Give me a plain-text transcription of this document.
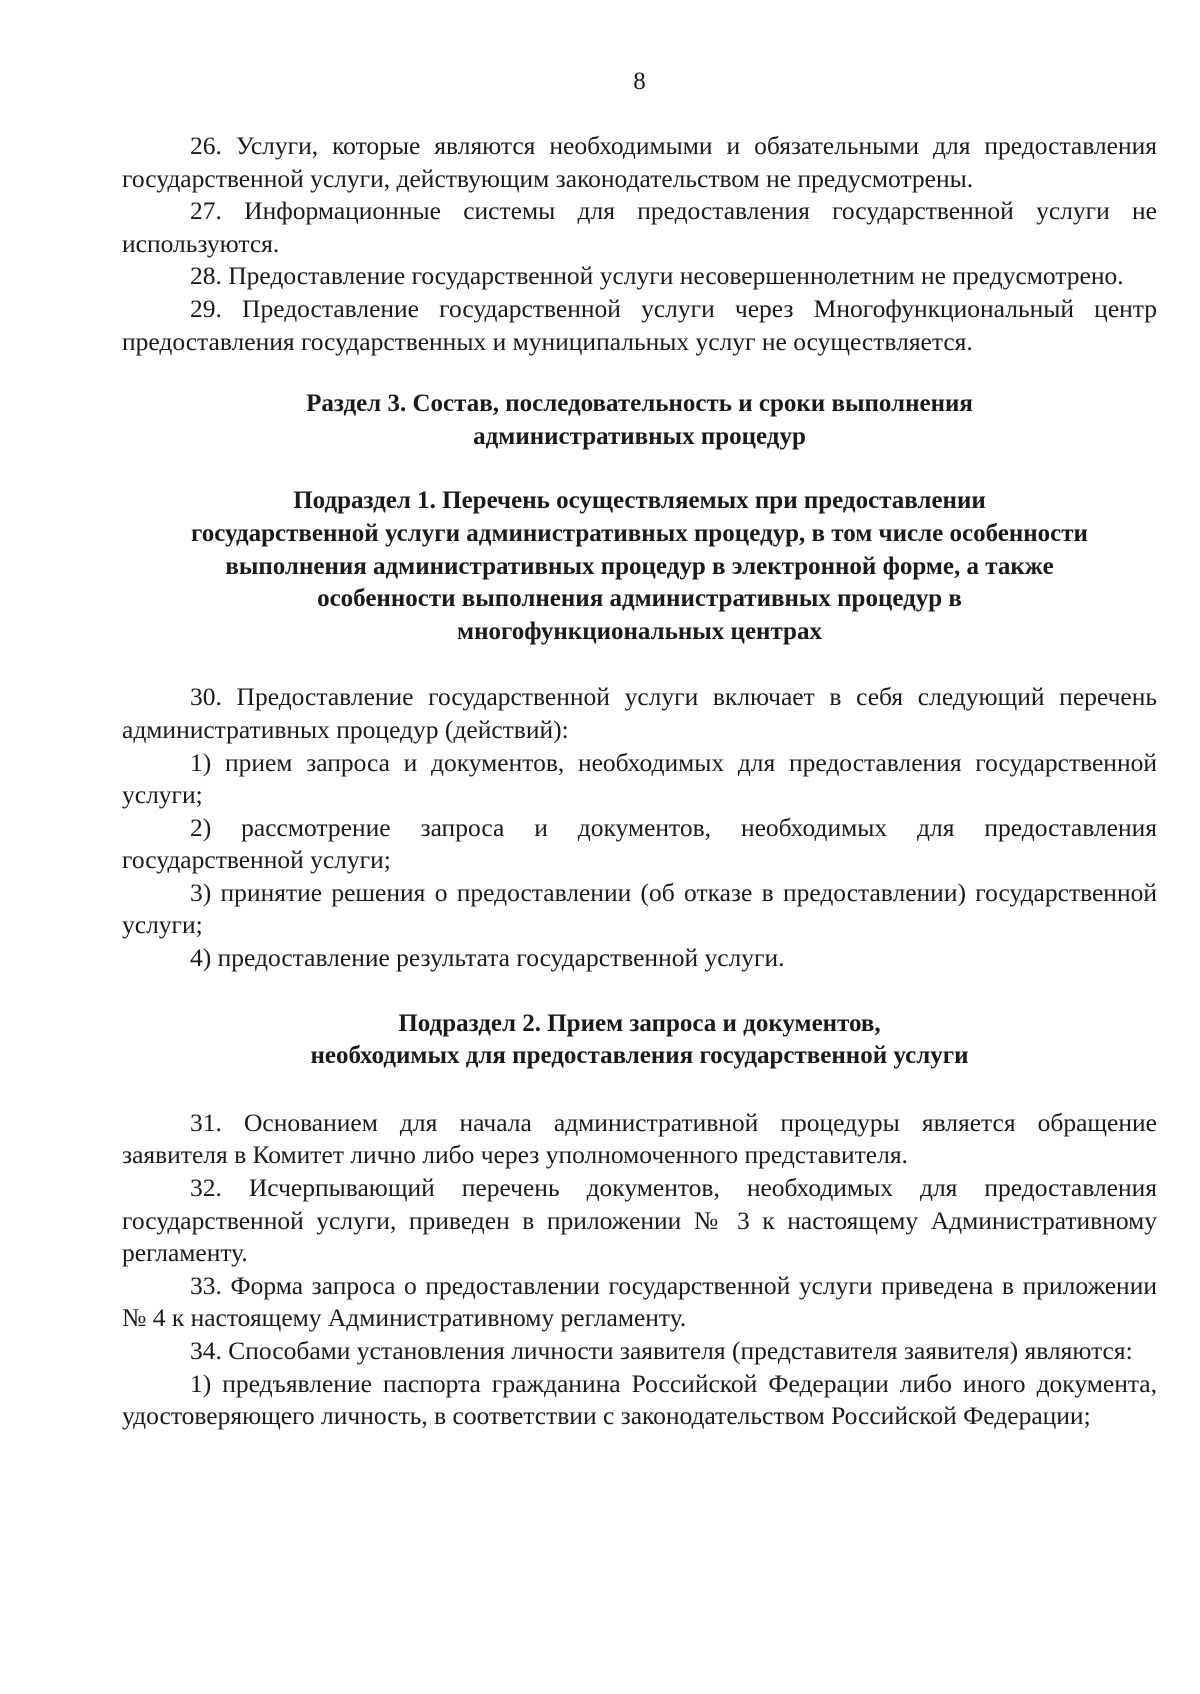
8

26. Услуги, которые являются необходимыми и обязательными для предоставления государственной услуги, действующим законодательством не предусмотрены.

27. Информационные системы для предоставления государственной услуги не используются.

28. Предоставление государственной услуги несовершеннолетним не предусмотрено.

29. Предоставление государственной услуги через Многофункциональный центр предоставления государственных и муниципальных услуг не осуществляется.

Раздел 3. Состав, последовательность и сроки выполнения
административных процедур
Подраздел 1. Перечень осуществляемых при предоставлении
государственной услуги административных процедур, в том числе особенности
выполнения административных процедур в электронной форме, а также
особенности выполнения административных процедур в
многофункциональных центрах

30. Предоставление государственной услуги включает в себя следующий перечень административных процедур (действий):

1) прием запроса и документов, необходимых для предоставления государственной услуги;

2) рассмотрение запроса и документов, необходимых для предоставления государственной услуги;

3) принятие решения о предоставлении (об отказе в предоставлении) государственной услуги;

4) предоставление результата государственной услуги.

Подраздел 2. Прием запроса и документов,
необходимых для предоставления государственной услуги

31. Основанием для начала административной процедуры является обращение заявителя в Комитет лично либо через уполномоченного представителя.

32. Исчерпывающий перечень документов, необходимых для предоставления государственной услуги, приведен в приложении № 3 к настоящему Административному регламенту.

33. Форма запроса о предоставлении государственной услуги приведена в приложении № 4 к настоящему Административному регламенту.

34. Способами установления личности заявителя (представителя заявителя) являются:

1) предъявление паспорта гражданина Российской Федерации либо иного документа, удостоверяющего личность, в соответствии с законодательством Российской Федерации;
